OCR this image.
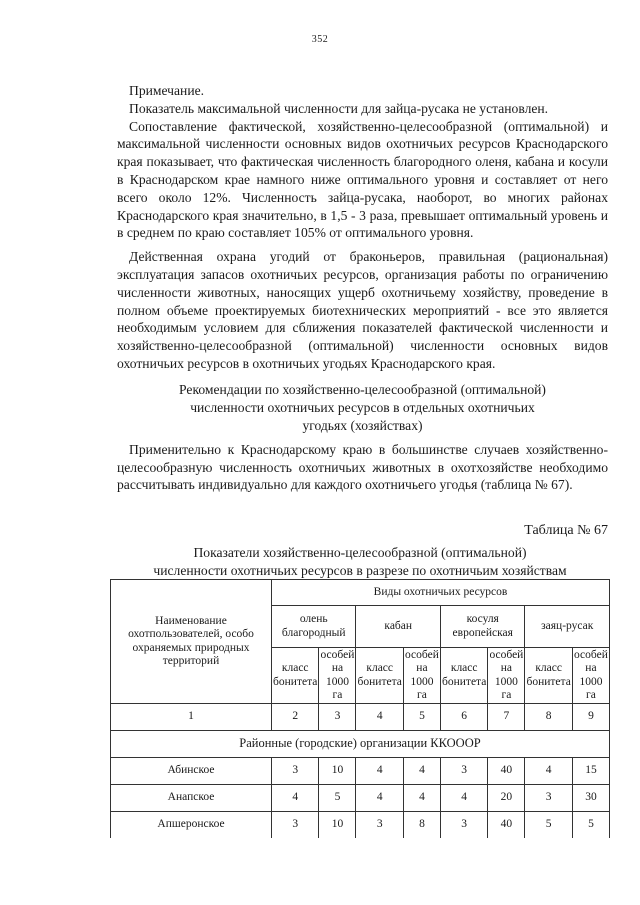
352

Примечание.

Показатель максимальной численности для зайца-русака не установлен.

Сопоставление фактической, хозяйственно-целесообразной (оптимальной) и максимальной численности основных видов охотничьих ресурсов Краснодарского края показывает, что фактическая численность благородного оленя, кабана и косули в Краснодарском крае намного ниже оптимального уровня и составляет от него всего около 12%. Численность зайца-русака, наоборот, во многих районах Краснодарского края значительно, в 1,5 - 3 раза, превышает оптимальный уровень и в среднем по краю составляет 105% от оптимального уровня.

Действенная охрана угодий от браконьеров, правильная (рациональная) эксплуатация запасов охотничьих ресурсов, организация работы по ограничению численности животных, наносящих ущерб охотничьему хозяйству, проведение в полном объеме проектируемых биотехнических мероприятий - все это является необходимым условием для сближения показателей фактической численности и хозяйственно-целесообразной (оптимальной) численности основных видов охотничьих ресурсов в охотничьих угодьях Краснодарского края.

Рекомендации по хозяйственно-целесообразной (оптимальной)
численности охотничьих ресурсов в отдельных охотничьих
угодьях (хозяйствах)

Применительно к Краснодарскому краю в большинстве случаев хозяйственно-целесообразную численность охотничьих животных в охотхозяйстве необходимо рассчитывать индивидуально для каждого охотничьего угодья (таблица № 67).

Таблица № 67
Показатели хозяйственно-целесообразной (оптимальной)
численности охотничьих ресурсов в разрезе по охотничьим хозяйствам
Наименование охотпользователей, особо охраняемых природных территорий	Виды охотничьих ресурсов							
	олень благородный		кабан		косуля европейская		заяц-русак	
	класс бонитета	особей на 1000 га	класс бонитета	особей на 1000 га	класс бонитета	особей на 1000 га	класс бонитета	особей на 1000 га
1	2	3	4	5	6	7	8	9
Районные (городские) организации ККОООР								
Абинское	3	10	4	4	3	40	4	15
Анапское	4	5	4	4	4	20	3	30
Апшеронское	3	10	3	8	3	40	5	5
